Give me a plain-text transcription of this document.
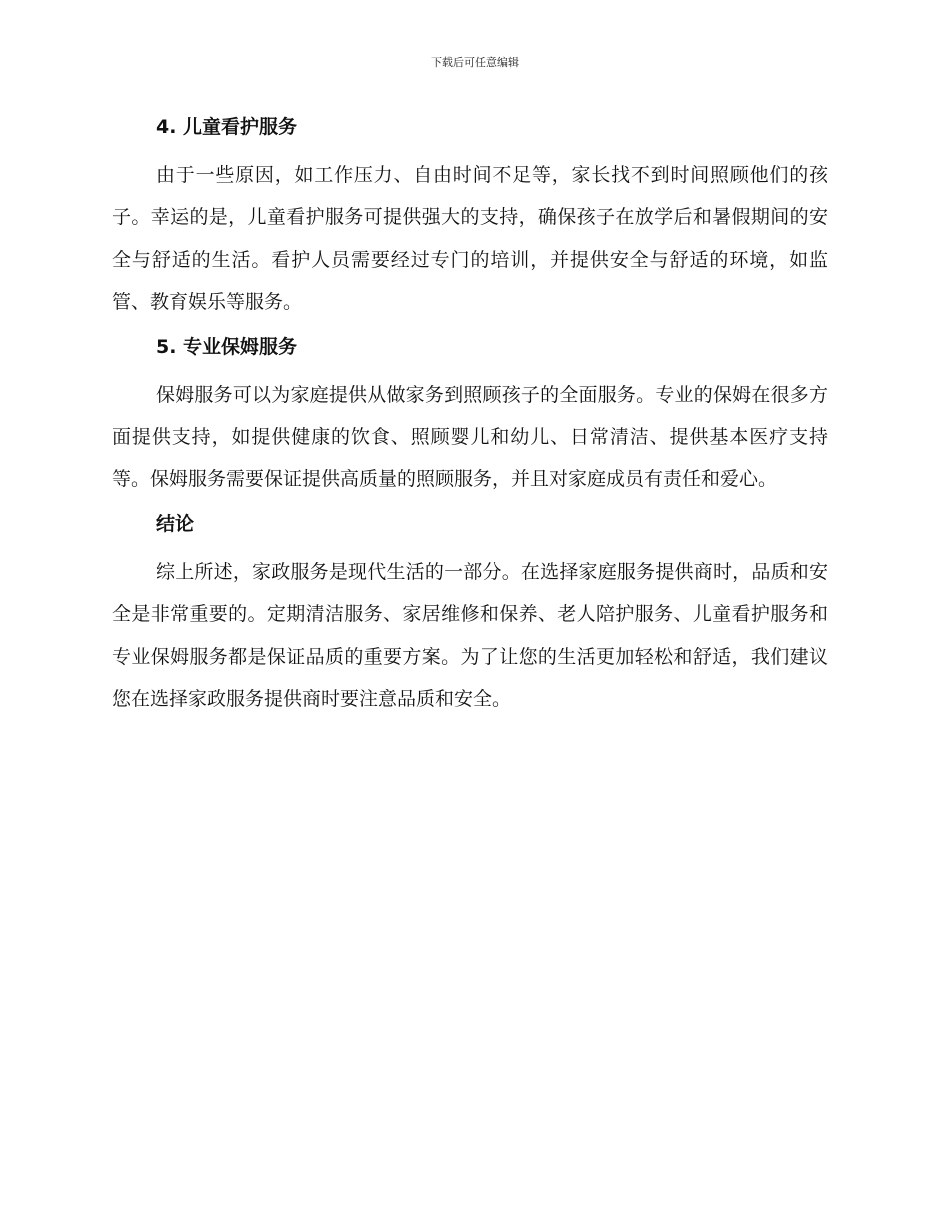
下载后可任意编辑
4. 儿童看护服务

由于一些原因，如工作压力、自由时间不足等，家长找不到时间照顾他们的孩子。幸运的是，儿童看护服务可提供强大的支持，确保孩子在放学后和暑假期间的安全与舒适的生活。看护人员需要经过专门的培训，并提供安全与舒适的环境，如监管、教育娱乐等服务。

5. 专业保姆服务

保姆服务可以为家庭提供从做家务到照顾孩子的全面服务。专业的保姆在很多方面提供支持，如提供健康的饮食、照顾婴儿和幼儿、日常清洁、提供基本医疗支持等。保姆服务需要保证提供高质量的照顾服务，并且对家庭成员有责任和爱心。

结论

综上所述，家政服务是现代生活的一部分。在选择家庭服务提供商时，品质和安全是非常重要的。定期清洁服务、家居维修和保养、老人陪护服务、儿童看护服务和专业保姆服务都是保证品质的重要方案。为了让您的生活更加轻松和舒适，我们建议您在选择家政服务提供商时要注意品质和安全。
